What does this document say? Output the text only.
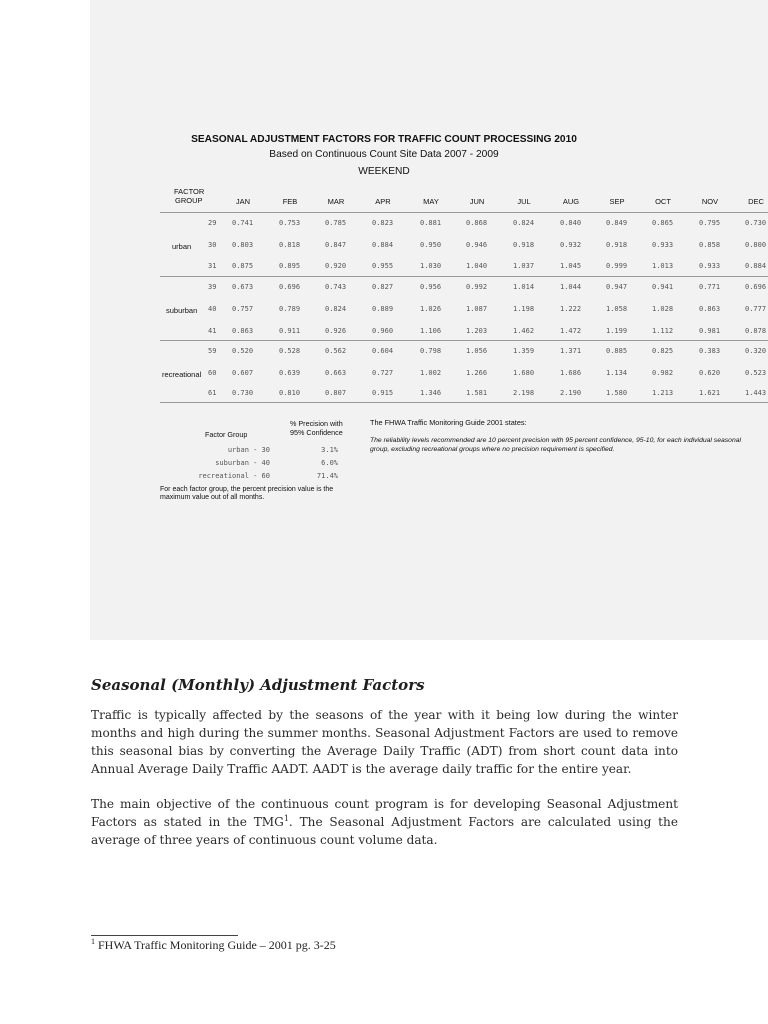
SEASONAL ADJUSTMENT FACTORS FOR TRAFFIC COUNT PROCESSING 2010
Based on Continuous Count Site Data 2007 - 2009
WEEKEND
FACTOR
GROUP	JAN	FEB	MAR	APR	MAY	JUN	JUL	AUG	SEP	OCT	NOV	DEC
urban
29 0.741	0.753	0.785	0.823	0.881	0.868	0.824	0.840	0.849	0.865	0.795	0.730
30 0.803	0.818	0.847	0.884	0.950	0.946	0.918	0.932	0.918	0.933	0.858	0.800
31 0.875	0.895	0.920	0.955	1.030	1.040	1.037	1.045	0.999	1.013	0.933	0.884
suburban
39 0.673	0.696	0.743	0.827	0.956	0.992	1.014	1.044	0.947	0.941	0.771	0.696
40 0.757	0.789	0.824	0.889	1.026	1.087	1.198	1.222	1.058	1.028	0.863	0.777
41 0.863	0.911	0.926	0.960	1.106	1.203	1.462	1.472	1.199	1.112	0.981	0.878
recreational
59 0.520	0.528	0.562	0.604	0.798	1.056	1.359	1.371	0.885	0.825	0.383	0.320
60 0.607	0.639	0.663	0.727	1.002	1.266	1.680	1.686	1.134	0.982	0.620	0.523
61 0.730	0.810	0.807	0.915	1.346	1.581	2.198	2.190	1.580	1.213	1.621	1.443
% Precision with
95% Confidence
Factor Group
urban - 30	3.1%
suburban - 40	6.0%
recreational - 60	71.4%
For each factor group, the percent precision value is the
maximum value out of all months.
The FHWA Traffic Monitoring Guide 2001 states:
The reliability levels recommended are 10 percent precision with 95 percent confidence, 95-10, for each individual seasonal group, excluding recreational groups where no precision requirement is specified.
Seasonal (Monthly) Adjustment Factors

Traffic is typically affected by the seasons of the year with it being low during the winter months and high during the summer months. Seasonal Adjustment Factors are used to remove this seasonal bias by converting the Average Daily Traffic (ADT) from short count data into Annual Average Daily Traffic AADT. AADT is the average daily traffic for the entire year.

The main objective of the continuous count program is for developing Seasonal Adjustment Factors as stated in the TMG$^1$. The Seasonal Adjustment Factors are calculated using the average of three years of continuous count volume data.

$^1$ FHWA Traffic Monitoring Guide – 2001 pg. 3-25
